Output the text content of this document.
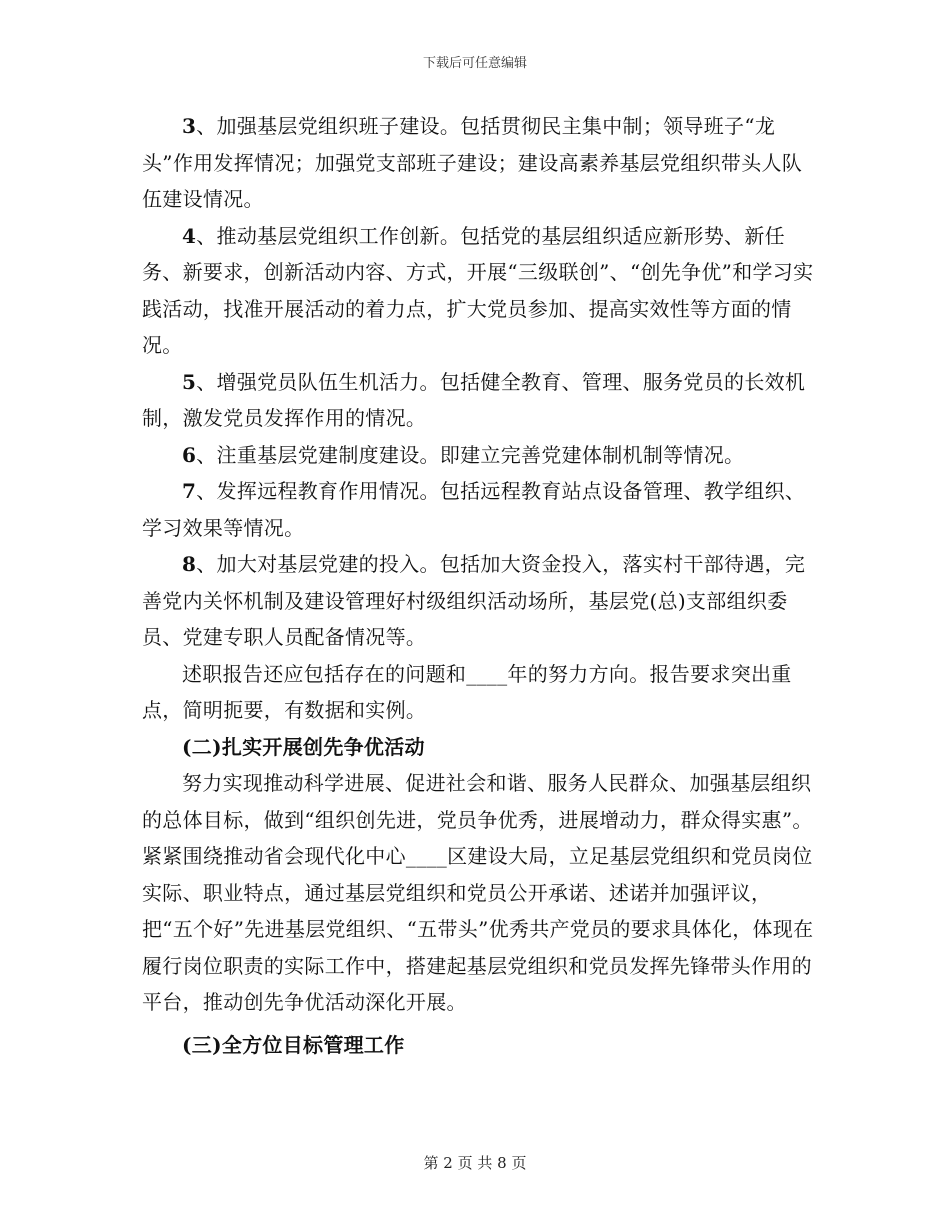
下载后可任意编辑

3、加强基层党组织班子建设。包括贯彻民主集中制；领导班子“龙头”作用发挥情况；加强党支部班子建设；建设高素养基层党组织带头人队伍建设情况。

4、推动基层党组织工作创新。包括党的基层组织适应新形势、新任务、新要求，创新活动内容、方式，开展“三级联创”、“创先争优”和学习实践活动，找准开展活动的着力点，扩大党员参加、提高实效性等方面的情况。

5、增强党员队伍生机活力。包括健全教育、管理、服务党员的长效机制，激发党员发挥作用的情况。

6、注重基层党建制度建设。即建立完善党建体制机制等情况。

7、发挥远程教育作用情况。包括远程教育站点设备管理、教学组织、学习效果等情况。

8、加大对基层党建的投入。包括加大资金投入，落实村干部待遇，完善党内关怀机制及建设管理好村级组织活动场所，基层党(总)支部组织委员、党建专职人员配备情况等。

述职报告还应包括存在的问题和____年的努力方向。报告要求突出重点，简明扼要，有数据和实例。

(二)扎实开展创先争优活动

努力实现推动科学进展、促进社会和谐、服务人民群众、加强基层组织的总体目标，做到“组织创先进，党员争优秀，进展增动力，群众得实惠”。紧紧围绕推动省会现代化中心____区建设大局，立足基层党组织和党员岗位实际、职业特点，通过基层党组织和党员公开承诺、述诺并加强评议，把“五个好”先进基层党组织、“五带头”优秀共产党员的要求具体化，体现在履行岗位职责的实际工作中，搭建起基层党组织和党员发挥先锋带头作用的平台，推动创先争优活动深化开展。

(三)全方位目标管理工作

第 2 页 共 8 页
